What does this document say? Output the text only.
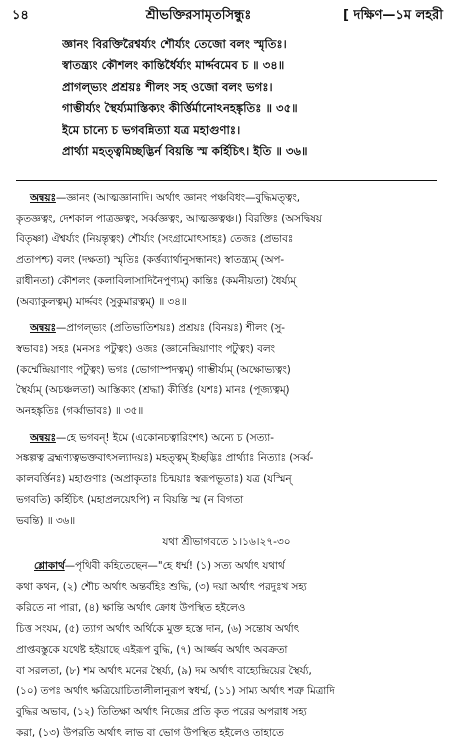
১৪	শ্রীভক্তিরসামৃতসিন্ধুঃ	[ দক্ষিণ—১ম লহরী
জ্ঞানং বিরক্তিরৈশ্বর্য্যং শৌর্য্যং তেজো বলং স্মৃতিঃ।
স্বাতন্ত্র্যং কৌশলং কান্তির্ধৈর্য্যং মার্দ্দবমেব চ ॥ ৩৪॥
প্রাগল্ভ্যং প্রশ্রয়ঃ শীলং সহ ওজো বলং ভগঃ।
গাম্ভীর্য্যং স্থৈর্য্যমাস্তিক্যং কীর্ত্তির্মানোঽনহঙ্কৃতিঃ ॥ ৩৫॥
ইমে চান্যে চ ভগবন্নিত্যা যত্র মহাগুণাঃ।
প্রার্থ্যা মহত্ত্বমিচ্ছদ্ভির্ন বিয়ন্তি স্ম কর্হিচিৎ। ইতি ॥ ৩৬॥
অন্বয়ঃ—জ্ঞানং (আত্মজ্ঞানাদি। অর্থাৎ জ্ঞানং পঞ্চবিধং—বুদ্ধিমত্ত্বং,
কৃতজ্ঞত্বং, দেশকাল পাত্রজ্ঞত্বং, সর্ব্বজ্ঞত্বং, আত্মজ্ঞত্বঞ্চ।) বিরক্তিঃ (অসদ্বিষয়
বিতৃষ্ণা) ঐশ্বর্য্যং (নিয়ন্তৃত্বং) শৌর্য্যং (সংগ্রামোৎসাহঃ) তেজঃ (প্রভাবঃ
প্রতাপশ্চ) বলং (দক্ষতা) স্মৃতিঃ (কর্ত্তব্যার্থানুসন্ধানং) স্বাতন্ত্র্যম্ (অপ-
রাধীনতা) কৌশলং (কলাবিলাসাদিনৈপুণ্যম্) কান্তিঃ (কমনীয়তা) ধৈর্য্যম্
(অব্যাকুলত্বম্) মার্দ্দবং (সুকুমারত্বম্) ॥ ৩৪॥
অন্বয়ঃ—প্রাগল্ভ্যং (প্রতিভাতিশয়ঃ) প্রশ্রয়ঃ (বিনয়ঃ) শীলং (সু-
স্বভাবঃ) সহঃ (মনসঃ পটুত্বং) ওজঃ (জ্ঞানেন্দ্রিয়াণাং পটুত্বং) বলং
(কর্ম্মেন্দ্রিয়াণাং পটুত্বং) ভগঃ (ভোগাস্পদত্বম্) গাম্ভীর্য্যম্ (অক্ষোভ্যত্বং)
স্থৈর্য্যম্ (অচঞ্চলতা) আস্তিক্যং (শ্রদ্ধা) কীর্ত্তিঃ (যশঃ) মানঃ (পূজ্যত্বম্)
অনহঙ্কৃতিঃ (গর্ব্বাভাবঃ) ॥ ৩৫॥
অন্বয়ঃ—হে ভগবন্! ইমে (একোনচত্বারিংশৎ) অন্যে চ (সত্যা-
সঙ্কল্পত্ব ব্রহ্মণ্যত্বভক্তবাৎসল্যাদয়ঃ) মহত্ত্বম্ ইচ্ছদ্ভিঃ প্রার্থ্যাঃ নিত্যাঃ (সর্ব্ব-
কালবর্ত্তিনঃ) মহাগুণাঃ (অপ্রাকৃতাঃ চিন্ময়াঃ স্বরূপভূতাঃ) যত্র (যস্মিন্
ভগবতি) কর্হিচিৎ (মহাপ্রলয়েঽপি) ন বিয়ন্তি স্ম (ন বিগতা
ভবন্তি) ॥ ৩৬॥
যথা শ্রীভাগবতে ১।১৬।২৭-৩০
শ্লোকার্থ—পৃথিবী কহিতেছেন—"হে ধর্ম্ম! (১) সত্য অর্থাৎ যথার্থ
কথা কথন, (২) শৌচ অর্থাৎ অন্তর্বহিঃ শুদ্ধি, (৩) দয়া অর্থাৎ পরদুঃখ সহ্য
করিতে না পারা, (৪) ক্ষান্তি অর্থাৎ ক্রোধ উপস্থিত হইলেও
চিত্ত সংযম, (৫) ত্যাগ অর্থাৎ অর্থিকে মুক্ত হস্তে দান, (৬) সন্তোষ অর্থাৎ
প্রাপ্তবস্তুকে যথেষ্ট হইয়াছে এইরূপ বুদ্ধি, (৭) আর্জ্জব অর্থাৎ অবক্রতা
বা সরলতা, (৮) শম অর্থাৎ মনের স্থৈর্য্য, (৯) দম অর্থাৎ বাহ্যেন্দ্রিয়ের স্থৈর্য্য,
(১০) তপঃ অর্থাৎ ক্ষত্রিয়োচিতালীলানুরূপ স্বধর্ম্ম, (১১) সাম্য অর্থাৎ শত্রু মিত্রাদি
বুদ্ধির অভাব, (১২) তিতিক্ষা অর্থাৎ নিজের প্রতি কৃত পরের অপরাধ সহ্য
করা, (১৩) উপরতি অর্থাৎ লাভ বা ভোগ উপস্থিত হইলেও তাহাতে
